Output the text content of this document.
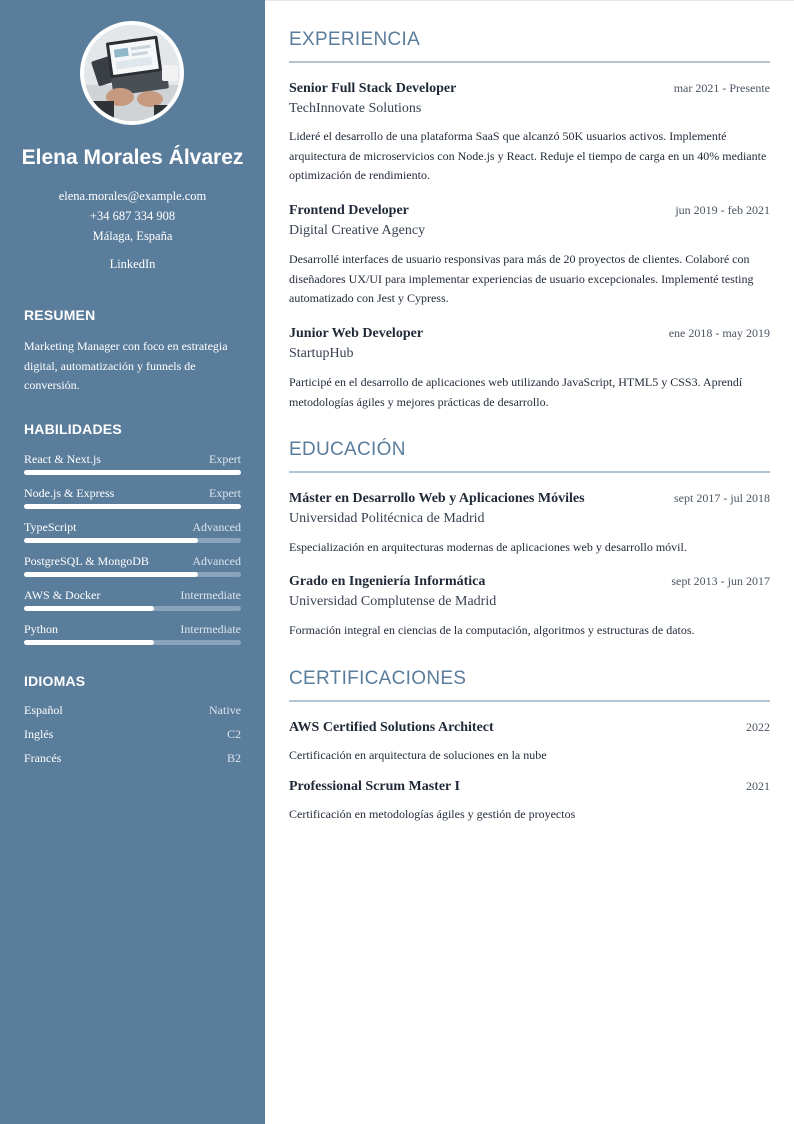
Elena Morales Álvarez
elena.morales@example.com
+34 687 334 908
Málaga, España
LinkedIn
RESUMEN
Marketing Manager con foco en estrategia digital, automatización y funnels de conversión.
HABILIDADES
React & Next.js	Expert
Node.js & Express	Expert
TypeScript	Advanced
PostgreSQL & MongoDB	Advanced
AWS & Docker	Intermediate
Python	Intermediate
IDIOMAS
Español	Native
Inglés	C2
Francés	B2
EXPERIENCIA
Senior Full Stack Developer	mar 2021 - Presente
TechInnovate Solutions
Lideré el desarrollo de una plataforma SaaS que alcanzó 50K usuarios activos. Implementé arquitectura de microservicios con Node.js y React. Reduje el tiempo de carga en un 40% mediante optimización de rendimiento.
Frontend Developer	jun 2019 - feb 2021
Digital Creative Agency
Desarrollé interfaces de usuario responsivas para más de 20 proyectos de clientes. Colaboré con diseñadores UX/UI para implementar experiencias de usuario excepcionales. Implementé testing automatizado con Jest y Cypress.
Junior Web Developer	ene 2018 - may 2019
StartupHub
Participé en el desarrollo de aplicaciones web utilizando JavaScript, HTML5 y CSS3. Aprendí metodologías ágiles y mejores prácticas de desarrollo.
EDUCACIÓN
Máster en Desarrollo Web y Aplicaciones Móviles	sept 2017 - jul 2018
Universidad Politécnica de Madrid
Especialización en arquitecturas modernas de aplicaciones web y desarrollo móvil.
Grado en Ingeniería Informática	sept 2013 - jun 2017
Universidad Complutense de Madrid
Formación integral en ciencias de la computación, algoritmos y estructuras de datos.
CERTIFICACIONES
AWS Certified Solutions Architect	2022
Certificación en arquitectura de soluciones en la nube
Professional Scrum Master I	2021
Certificación en metodologías ágiles y gestión de proyectos
